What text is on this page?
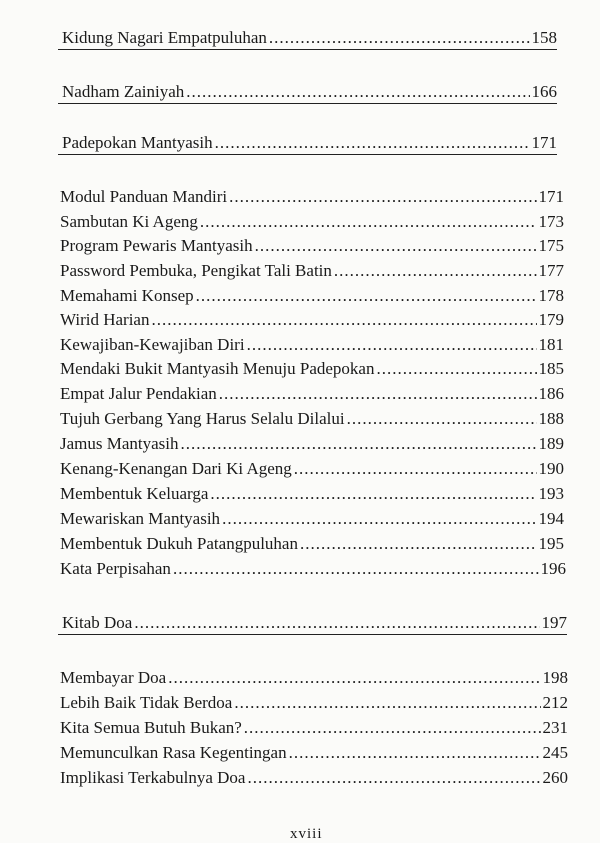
Kidung Nagari Empatpuluhan .....	158
Nadham Zainiyah .....	166
Padepokan Mantyasih .....	171
Modul Panduan Mandiri .....	171
Sambutan Ki Ageng .....	173
Program Pewaris Mantyasih .....	175
Password Pembuka, Pengikat Tali Batin .....	177
Memahami Konsep .....	178
Wirid Harian .....	179
Kewajiban-Kewajiban Diri .....	181
Mendaki Bukit Mantyasih Menuju Padepokan .....	185
Empat Jalur Pendakian .....	186
Tujuh Gerbang Yang Harus Selalu Dilalui .....	188
Jamus Mantyasih .....	189
Kenang-Kenangan Dari Ki Ageng .....	190
Membentuk Keluarga .....	193
Mewariskan Mantyasih .....	194
Membentuk Dukuh Patangpuluhan .....	195
Kata Perpisahan .....	196
Kitab Doa .....	197
Membayar Doa .....	198
Lebih Baik Tidak Berdoa .....	212
Kita Semua Butuh Bukan? .....	231
Memunculkan Rasa Kegentingan .....	245
Implikasi Terkabulnya Doa .....	260
xviii
